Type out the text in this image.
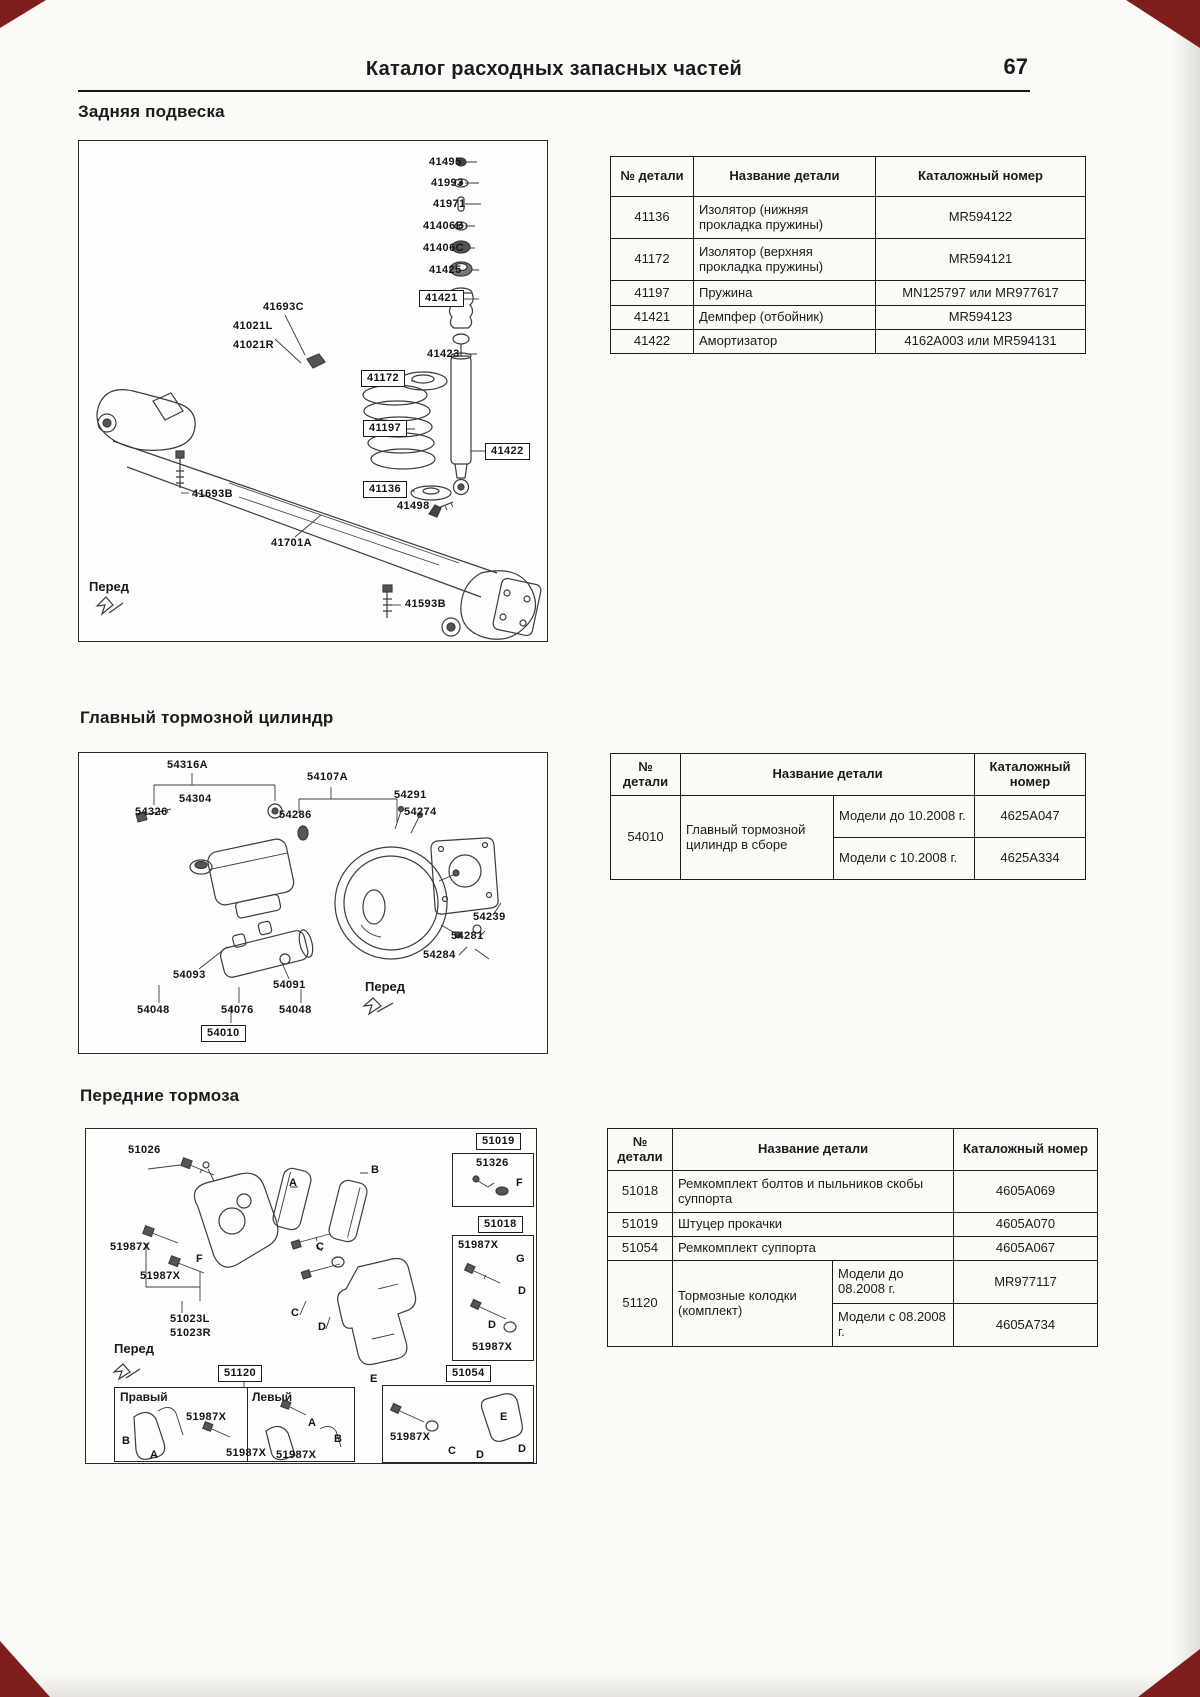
Каталог расходных запасных частей	67
Задняя подвеска
41495
41993
41971
41406B
41406C
41425
41421
41423
41172
41197
41136
41498
41422
41693C
41021L
41021R
41693B
41701A
41593B
Перед
№ детали	Название детали	Каталожный номер
41136	Изолятор (нижняя прокладка пружины)	MR594122
41172	Изолятор (верхняя прокладка пружины)	MR594121
41197	Пружина	MN125797 или MR977617
41421	Демпфер (отбойник)	MR594123
41422	Амортизатор	4162A003 или MR594131
Главный тормозной цилиндр
54316A
54304
54326
54107A
54286
54291
54274
54239
54281
54284
54093
54091
54048	54076 54048
54010
Перед
№ детали	Название детали		Каталожный номер
54010	Главный тормозной цилиндр в сборе	Модели до 10.2008 г.	4625A047
		Модели с 10.2008 г.	4625A334
Передние тормоза
51026
A
B
C
F
51987X
51987X
C
D
E
51023L
51023R
Перед
51120
51019
51018
51054
51326
F
51987X
G
D
D
51987X
51987X
C D
E
D
Правый	Левый
51987X
B
A
A
B
51987X 51987X
№ детали	Название детали		Каталожный номер
51018	Ремкомплект болтов и пыльников скобы суппорта		4605A069
51019	Штуцер прокачки		4605A070
51054	Ремкомплект суппорта		4605A067
51120	Тормозные колодки (комплект)	Модели до 08.2008 г.	MR977117
		Модели с 08.2008 г.	4605A734
